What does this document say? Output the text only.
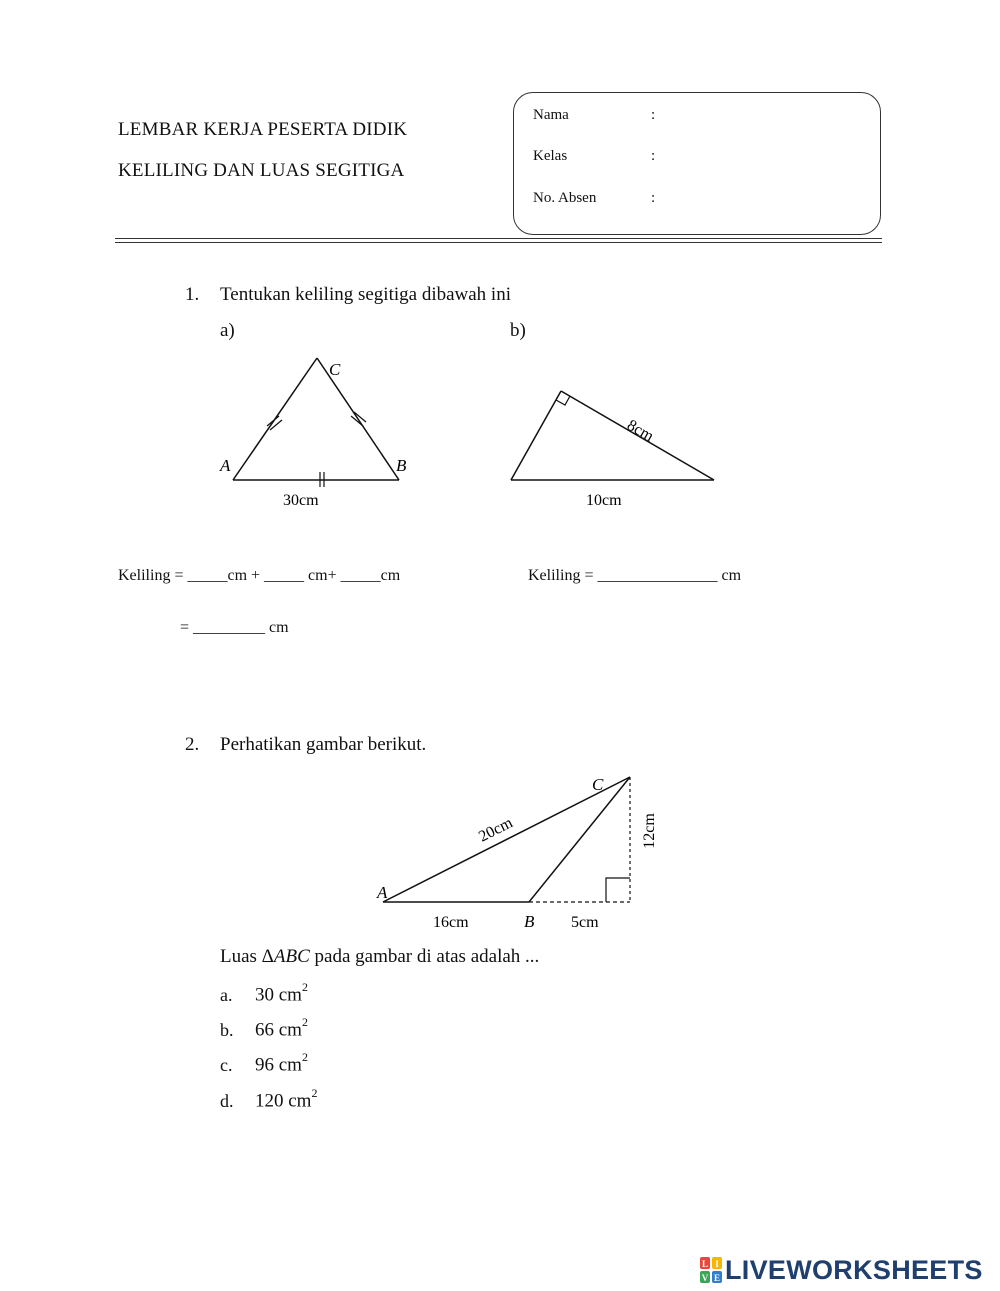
LEMBAR KERJA PESERTA DIDIK
KELILING DAN LUAS SEGITIGA
Nama	:
Kelas	:
No. Absen	:
1. Tentukan keliling segitiga dibawah ini
a)	b)
A	B
C
30cm
8cm
10cm
Keliling = _____cm + _____ cm+ _____cm	Keliling = _______________ cm
= _________ cm
2. Perhatikan gambar berikut.
A
B
C
20cm
16cm	5cm
12cm
Luas ΔABC pada gambar di atas adalah ...
a. 30 $cm^2$
b. 66 $cm^2$
c. 96 $cm^2$
d. 120 $cm^2$
L I
V E LIVEWORKSHEETS
